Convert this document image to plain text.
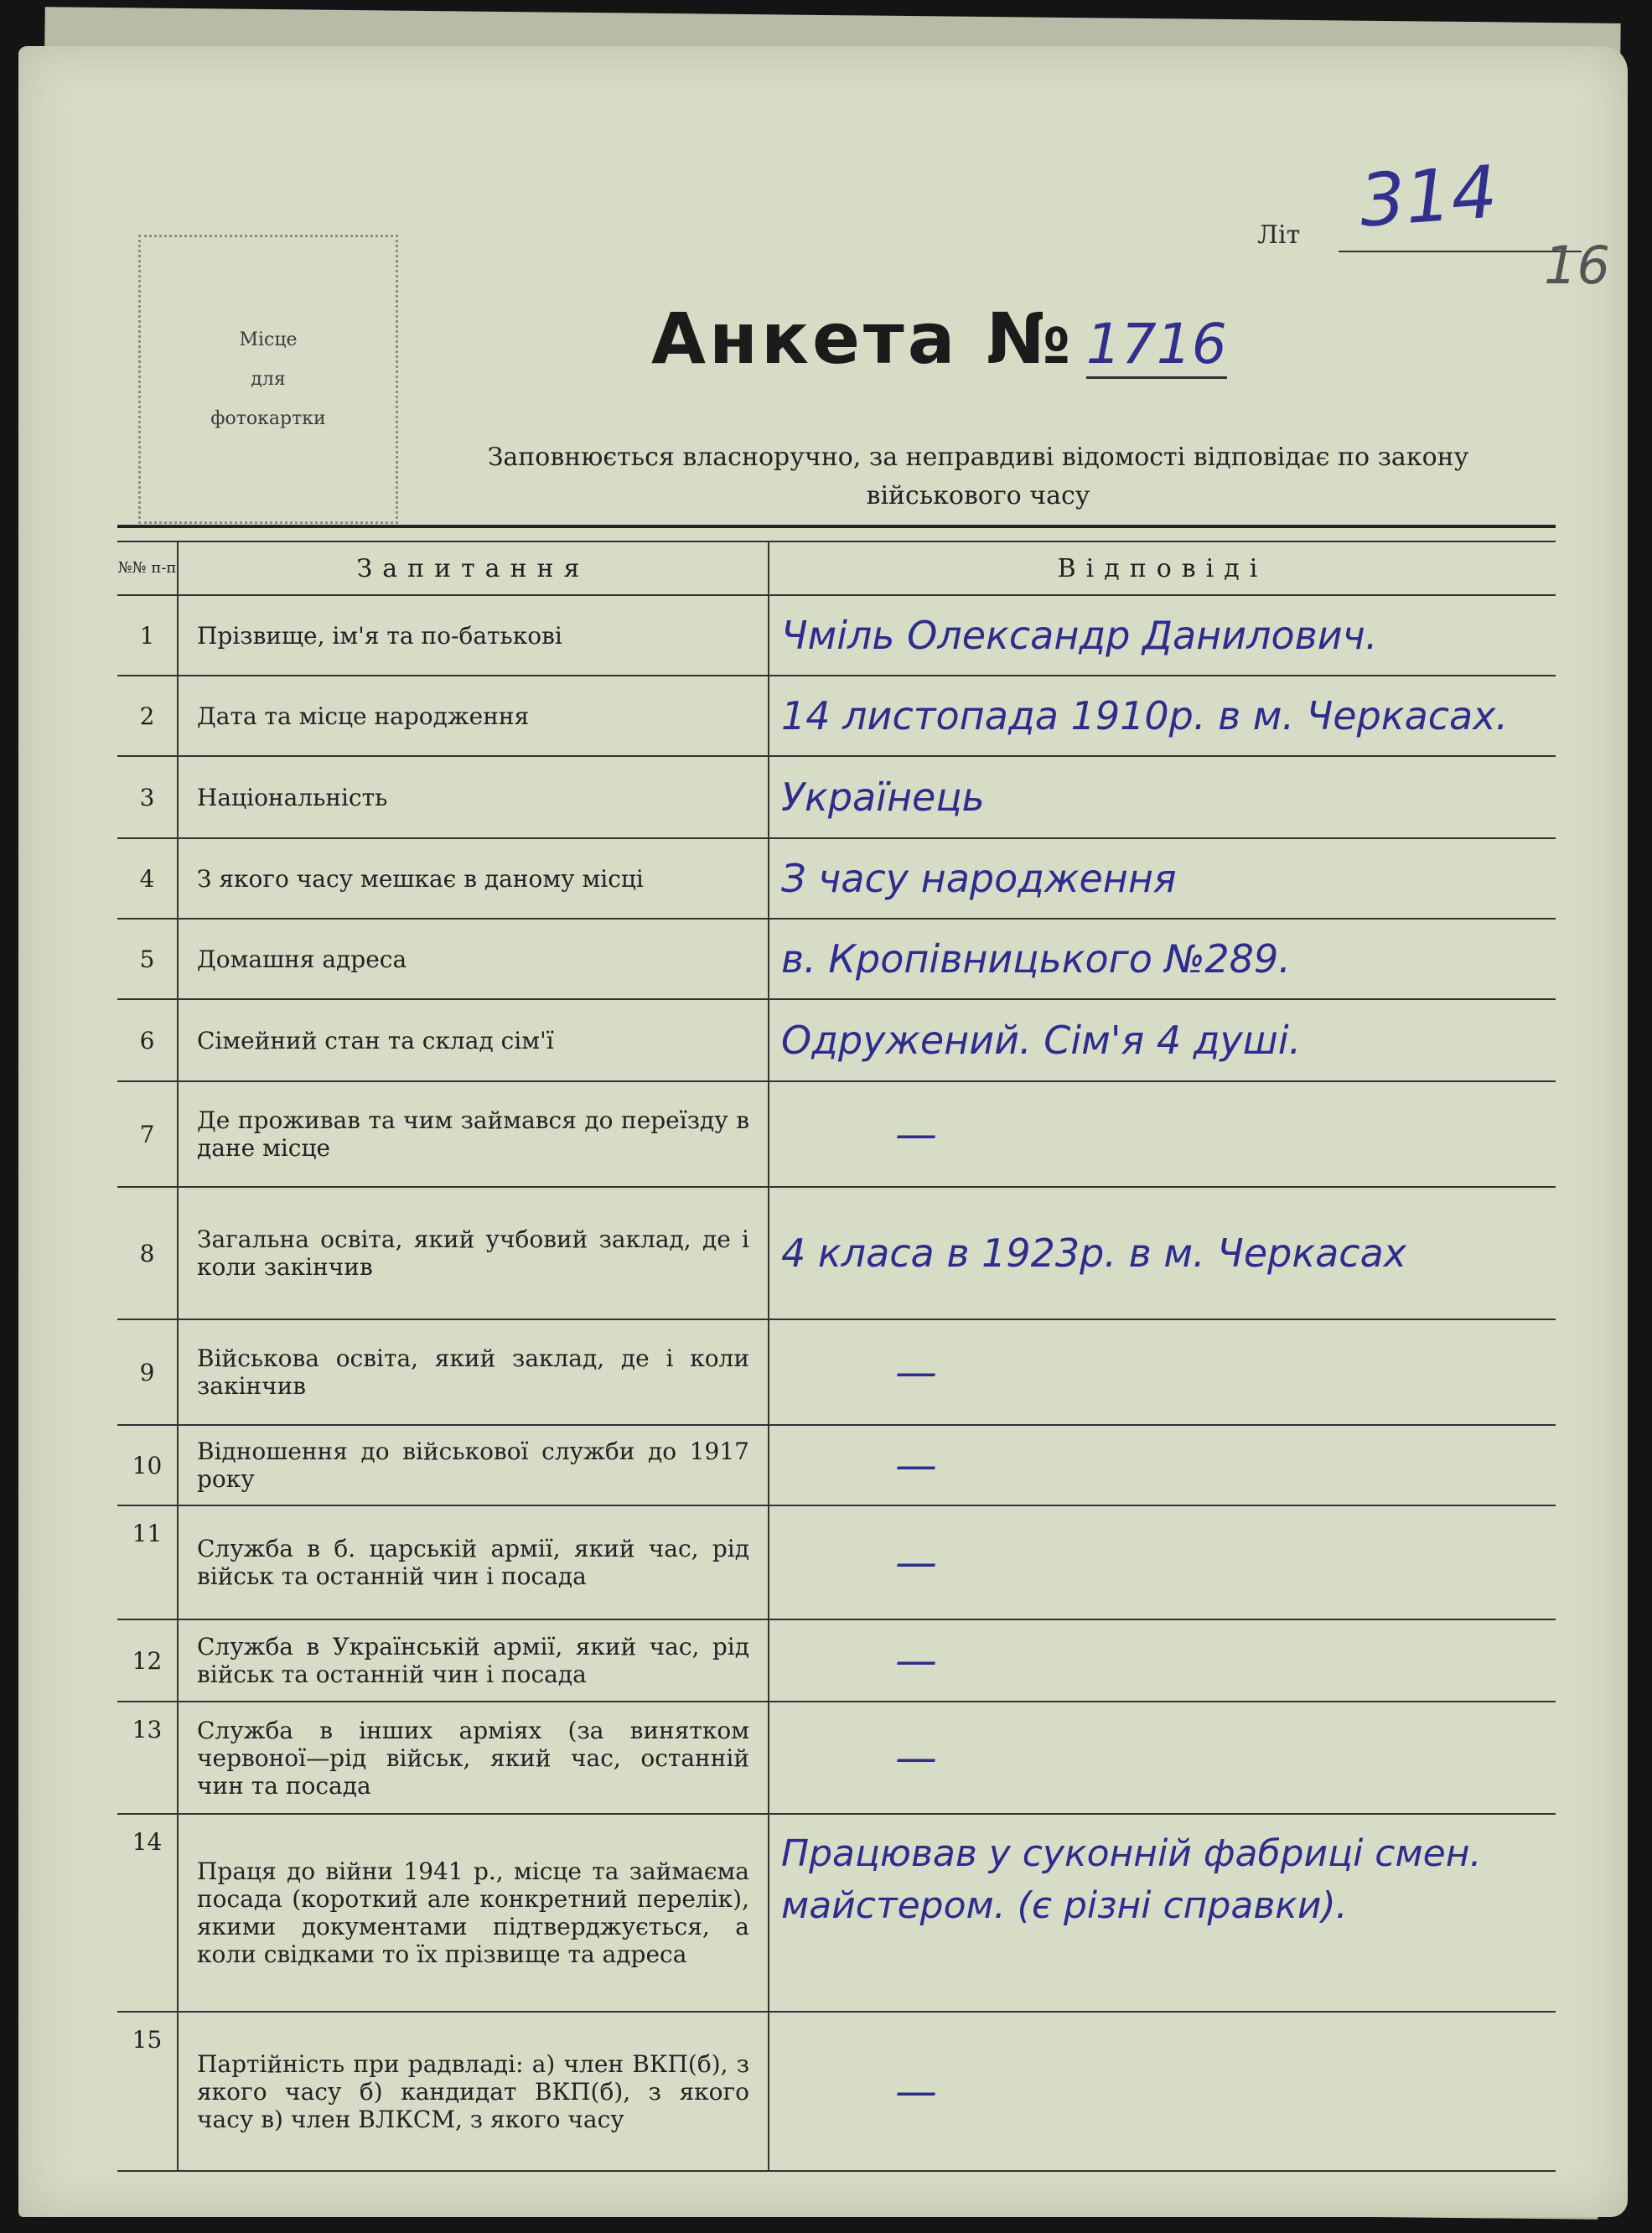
314
Літ	16
Місце
для
фотокартки
Анкета № 1716
Заповнюється власноручно, за неправдиві відомості відповідає по закону
військового часу
№№ п-п	Запитання	Відповіді
1	Прізвище, ім'я та по-батькові	Чміль Олександр Данилович.
2	Дата та місце народження	14 листопада 1910р. в м. Черкасах.
3	Національність	Українець
4	З якого часу мешкає в даному місці	З часу народження
5	Домашня адреса	в. Кропівницького №289.
6	Сімейний стан та склад сім'ї	Одружений. Сім'я 4 душі.
7	Де проживав та чим займався до переїзду в дане місце	—
8	Загальна освіта, який учбовий заклад, де і коли закінчив	4 класа в 1923р. в м. Черкасах
9	Військова освіта, який заклад, де і коли закінчив	—
10	Відношення до військової служби до 1917 року	—
11	Служба в б. царській армії, який час, рід військ та останній чин і посада	—
12	Служба в Українській армії, який час, рід військ та останній чин і посада	—
13	Служба в інших арміях (за винятком червоної—рід військ, який час, останній чин та посада	—
14	Праця до війни 1941 р., місце та займаєма посада (короткий але конкретний перелік), якими документами підтверджується, а коли свідками то їх прізвище та адреса	Працював у суконній фабриці смен. майстером. (є різні справки).
15	Партійність при радвладі: а) член ВКП(б), з якого часу б) кандидат ВКП(б), з якого часу в) член ВЛКСМ, з якого часу	—
